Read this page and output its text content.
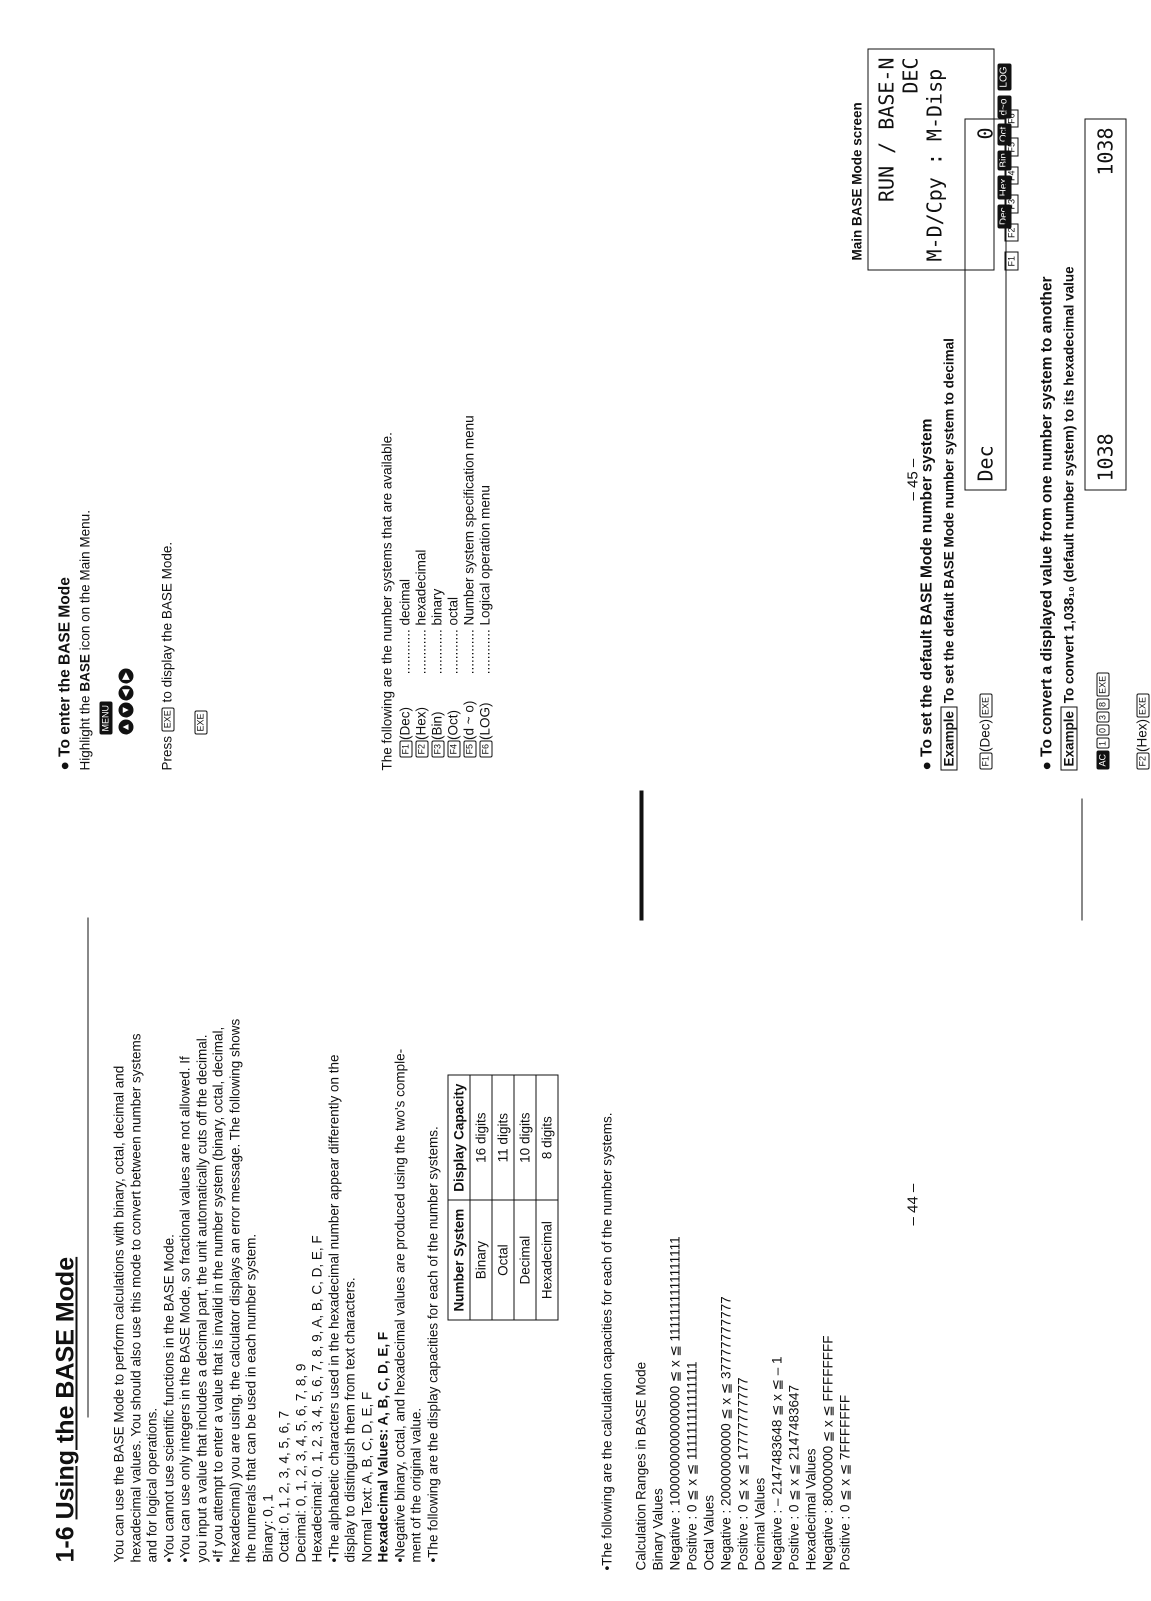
1-6 Using the BASE Mode You can use the BASE Mode to perform calculations with binary, octal, decimal and hexadecimal values. You should also use this mode to convert between number systems and for logical operations. •You cannot use scientific functions in the BASE Mode. •You can use only integers in the BASE Mode, so fractional values are not allowed. If you input a value that includes a decimal part, the unit automatically cuts off the decimal. •If you attempt to enter a value that is invalid in the number system (binary, octal, decimal, hexadecimal) you are using, the calculator displays an error message. The following shows the numerals that can be used in each number system. Binary: 0, 1 Octal: 0, 1, 2, 3, 4, 5, 6, 7 Decimal: 0, 1, 2, 3, 4, 5, 6, 7, 8, 9 Hexadecimal: 0, 1, 2, 3, 4, 5, 6, 7, 8, 9, A, B, C, D, E, F •The alphabetic characters used in the hexadecimal number appear differently on the display to distinguish them from text characters. Normal Text: A, B, C, D, E, F Hexadecimal Values: A, B, C, D, E, F •Negative binary, octal, and hexadecimal values are produced using the two's comple- ment of the original value. •The following are the display capacities for each of the number systems. Number System	Display Capacity
Binary	16 digits
Octal	11 digits
Decimal	10 digits
Hexadecimal	8 digits	•The following are the calculation capacities for each of the number systems. Calculation Ranges in BASE Mode Binary Values Negative : 1000000000000000 ≦ x ≦ 1111111111111111 Positive : 0 ≦ x ≦ 111111111111111 Octal Values Negative : 20000000000 ≦ x ≦ 37777777777 Positive : 0 ≦ x ≦ 17777777777 Decimal Values Negative : – 2147483648 ≦ x ≦ – 1 Positive : 0 ≦ x ≦ 2147483647 Hexadecimal Values Negative : 80000000 ≦ x ≦ FFFFFFFF Positive : 0 ≦ x ≦ 7FFFFFFF
– 44 –
● To enter the BASE Mode Highlight the BASE icon on the Main Menu.
MENU	▲▼◀▶
Press EXE to display the BASE Mode.
EXE
Main BASE Mode screen RUN / BASE-N DEC M-D/Cpy : M-Disp	DecHexBinOctd~oLOG

F1F2F3F4F5F6
The following are the number systems that are available. F1(Dec) ............ decimal
F2(Hex) ............ hexadecimal
F3(Bin) ............ binary
F4(Oct) ............ octal
F5(d ~ o) ............ Number system specification menu
F6(LOG) ............ Logical operation menu
● To set the default BASE Mode number system Example To set the default BASE Mode number system to decimal
F1(Dec)EXE
Dec
0
● To convert a displayed value from one number system to another Example To convert 1,038₁₀ (default number system) to its hexadecimal value
AC1038EXE
F2(Hex)EXE
1038
1038
– 45 –
